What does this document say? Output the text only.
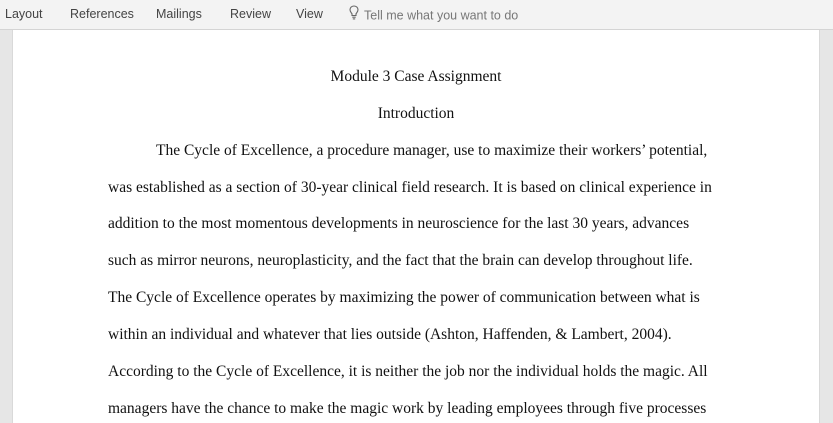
Layout References Mailings Review View	Tell me what you want to do
Module 3 Case Assignment
Introduction
The Cycle of Excellence, a procedure manager, use to maximize their workers’ potential,
was established as a section of 30-year clinical field research. It is based on clinical experience in
addition to the most momentous developments in neuroscience for the last 30 years, advances
such as mirror neurons, neuroplasticity, and the fact that the brain can develop throughout life.
The Cycle of Excellence operates by maximizing the power of communication between what is
within an individual and whatever that lies outside (Ashton, Haffenden, & Lambert, 2004).
According to the Cycle of Excellence, it is neither the job nor the individual holds the magic. All
managers have the chance to make the magic work by leading employees through five processes
